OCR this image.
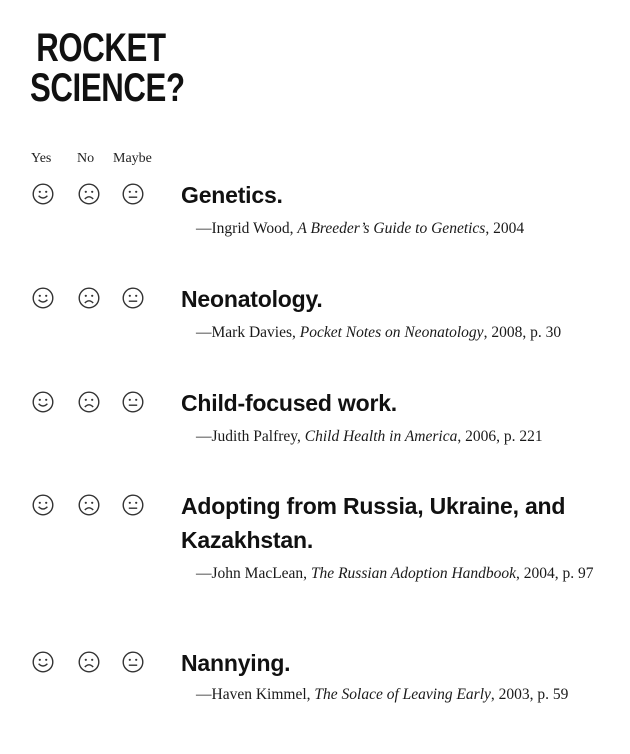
ROCKET
SCIENCE?
Yes No Maybe
Genetics.
—Ingrid Wood, A Breeder’s Guide to Genetics, 2004
Neonatology.
—Mark Davies, Pocket Notes on Neonatology, 2008, p. 30
Child-focused work.
—Judith Palfrey, Child Health in America, 2006, p. 221
Adopting from Russia, Ukraine, and Kazakhstan.
—John MacLean, The Russian Adoption Handbook, 2004, p. 97
Nannying.
—Haven Kimmel, The Solace of Leaving Early, 2003, p. 59
